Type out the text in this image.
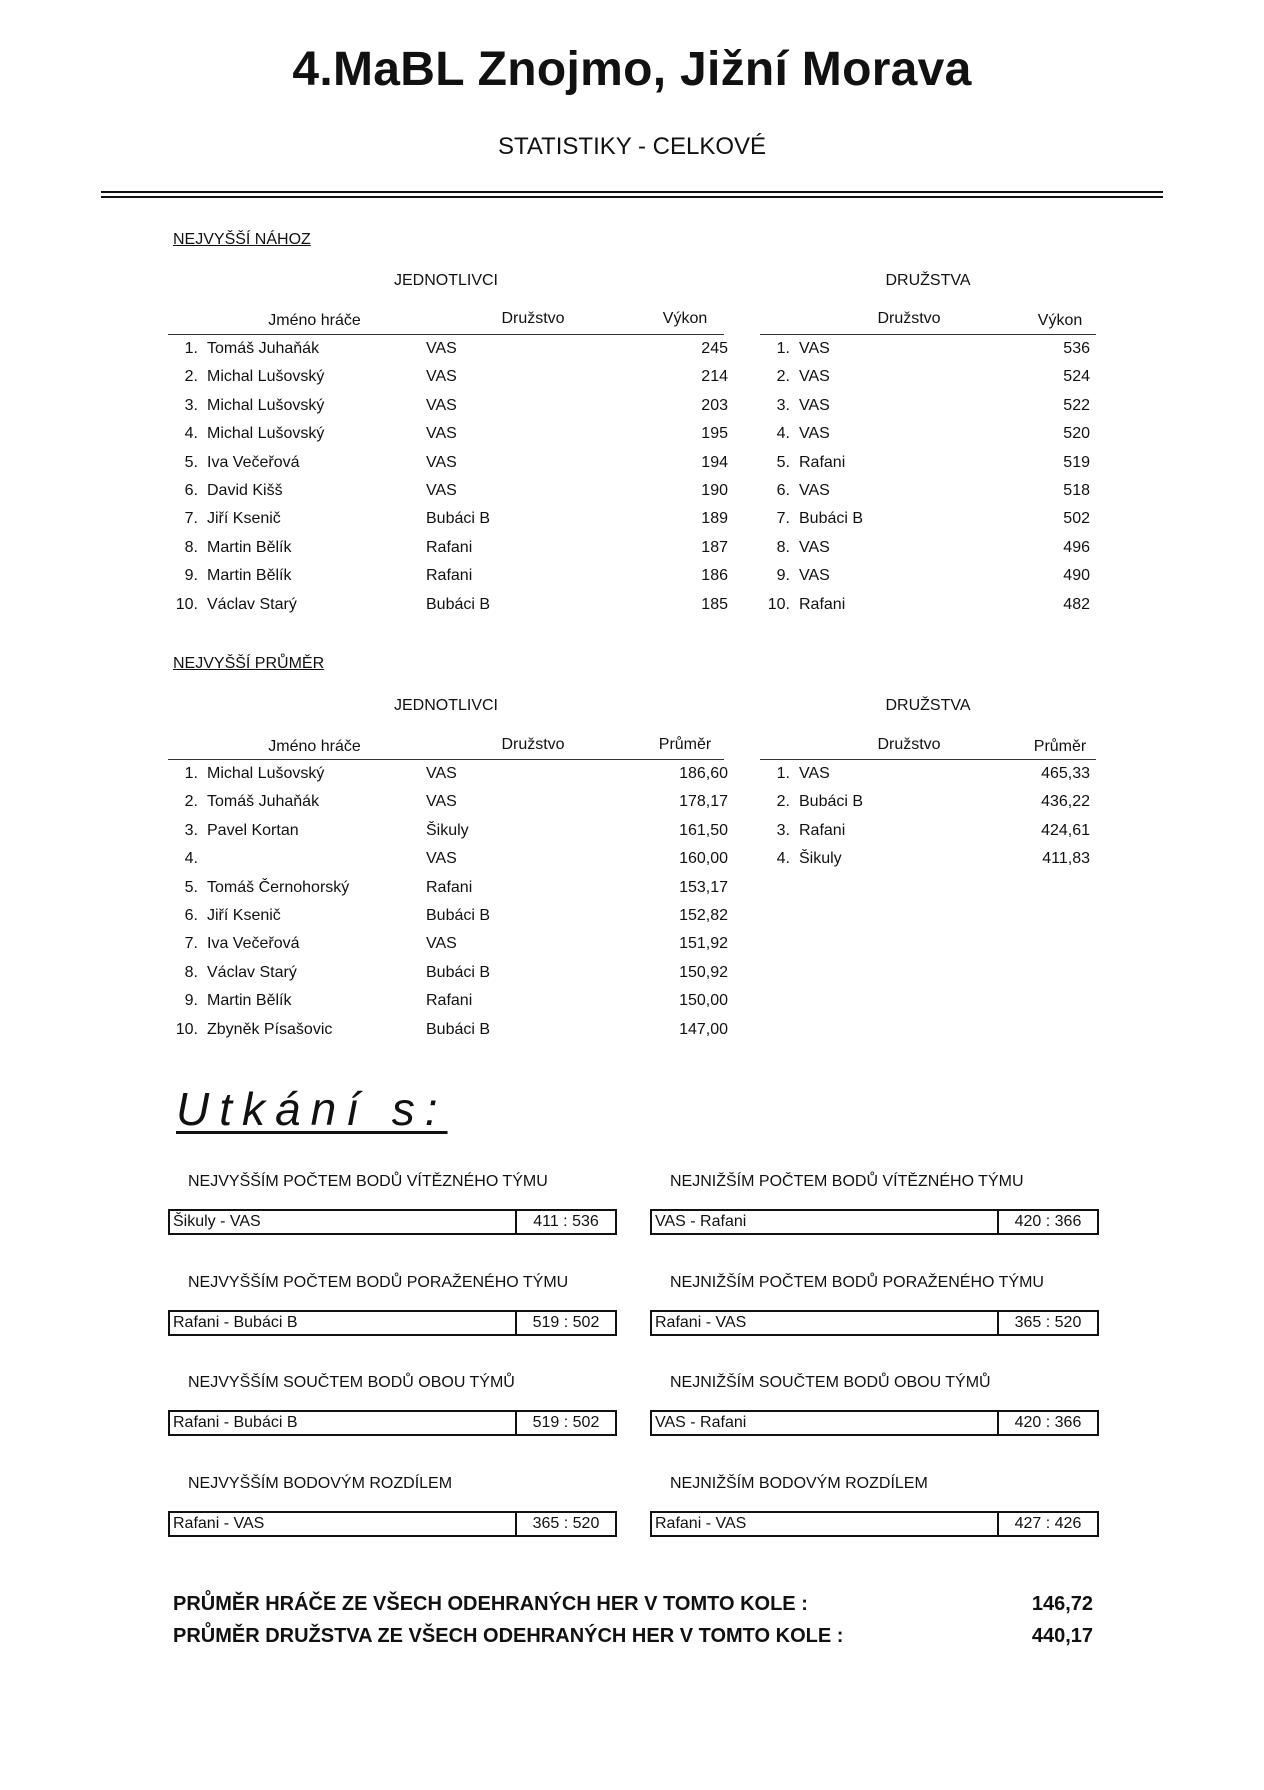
4.MaBL Znojmo, Jižní Morava
STATISTIKY - CELKOVÉ
NEJVYŠŠÍ NÁHOZ
JEDNOTLIVCI	DRUŽSTVA
Jméno hráče	Družstvo	Výkon	Družstvo	Výkon
1. Tomáš Juhaňák	VAS	245
2. Michal Lušovský	VAS	214
3. Michal Lušovský	VAS	203
4. Michal Lušovský	VAS	195
5. Iva Večeřová	VAS	194
6. David Kišš	VAS	190
7. Jiří Ksenič	Bubáci B	189
8. Martin Bělík	Rafani	187
9. Martin Bělík	Rafani	186
10. Václav Starý	Bubáci B	185
1. VAS	536
2. VAS	524
3. VAS	522
4. VAS	520
5. Rafani	519
6. VAS	518
7. Bubáci B	502
8. VAS	496
9. VAS	490
10. Rafani	482
NEJVYŠŠÍ PRŮMĚR
JEDNOTLIVCI	DRUŽSTVA
Jméno hráče	Družstvo	Průměr	Družstvo	Průměr
1. Michal Lušovský	VAS	186,60
2. Tomáš Juhaňák	VAS	178,17
3. Pavel Kortan	Šikuly	161,50
4.	VAS	160,00
5. Tomáš Černohorský	Rafani	153,17
6. Jiří Ksenič	Bubáci B	152,82
7. Iva Večeřová	VAS	151,92
8. Václav Starý	Bubáci B	150,92
9. Martin Bělík	Rafani	150,00
10. Zbyněk Písašovic	Bubáci B	147,00
1. VAS	465,33
2. Bubáci B	436,22
3. Rafani	424,61
4. Šikuly	411,83
Utkání s:
NEJVYŠŠÍM POČTEM BODŮ VÍTĚZNÉHO TÝMU
Šikuly - VAS	411 : 536
NEJNIŽŠÍM POČTEM BODŮ VÍTĚZNÉHO TÝMU
VAS - Rafani	420 : 366
NEJVYŠŠÍM POČTEM BODŮ PORAŽENÉHO TÝMU
Rafani - Bubáci B	519 : 502
NEJNIŽŠÍM POČTEM BODŮ PORAŽENÉHO TÝMU
Rafani - VAS	365 : 520
NEJVYŠŠÍM SOUČTEM BODŮ OBOU TÝMŮ
Rafani - Bubáci B	519 : 502
NEJNIŽŠÍM SOUČTEM BODŮ OBOU TÝMŮ
VAS - Rafani	420 : 366
NEJVYŠŠÍM BODOVÝM ROZDÍLEM
Rafani - VAS	365 : 520
NEJNIŽŠÍM BODOVÝM ROZDÍLEM
Rafani - VAS	427 : 426
PRŮMĚR HRÁČE ZE VŠECH ODEHRANÝCH HER V TOMTO KOLE :	146,72
PRŮMĚR DRUŽSTVA ZE VŠECH ODEHRANÝCH HER V TOMTO KOLE :	440,17
